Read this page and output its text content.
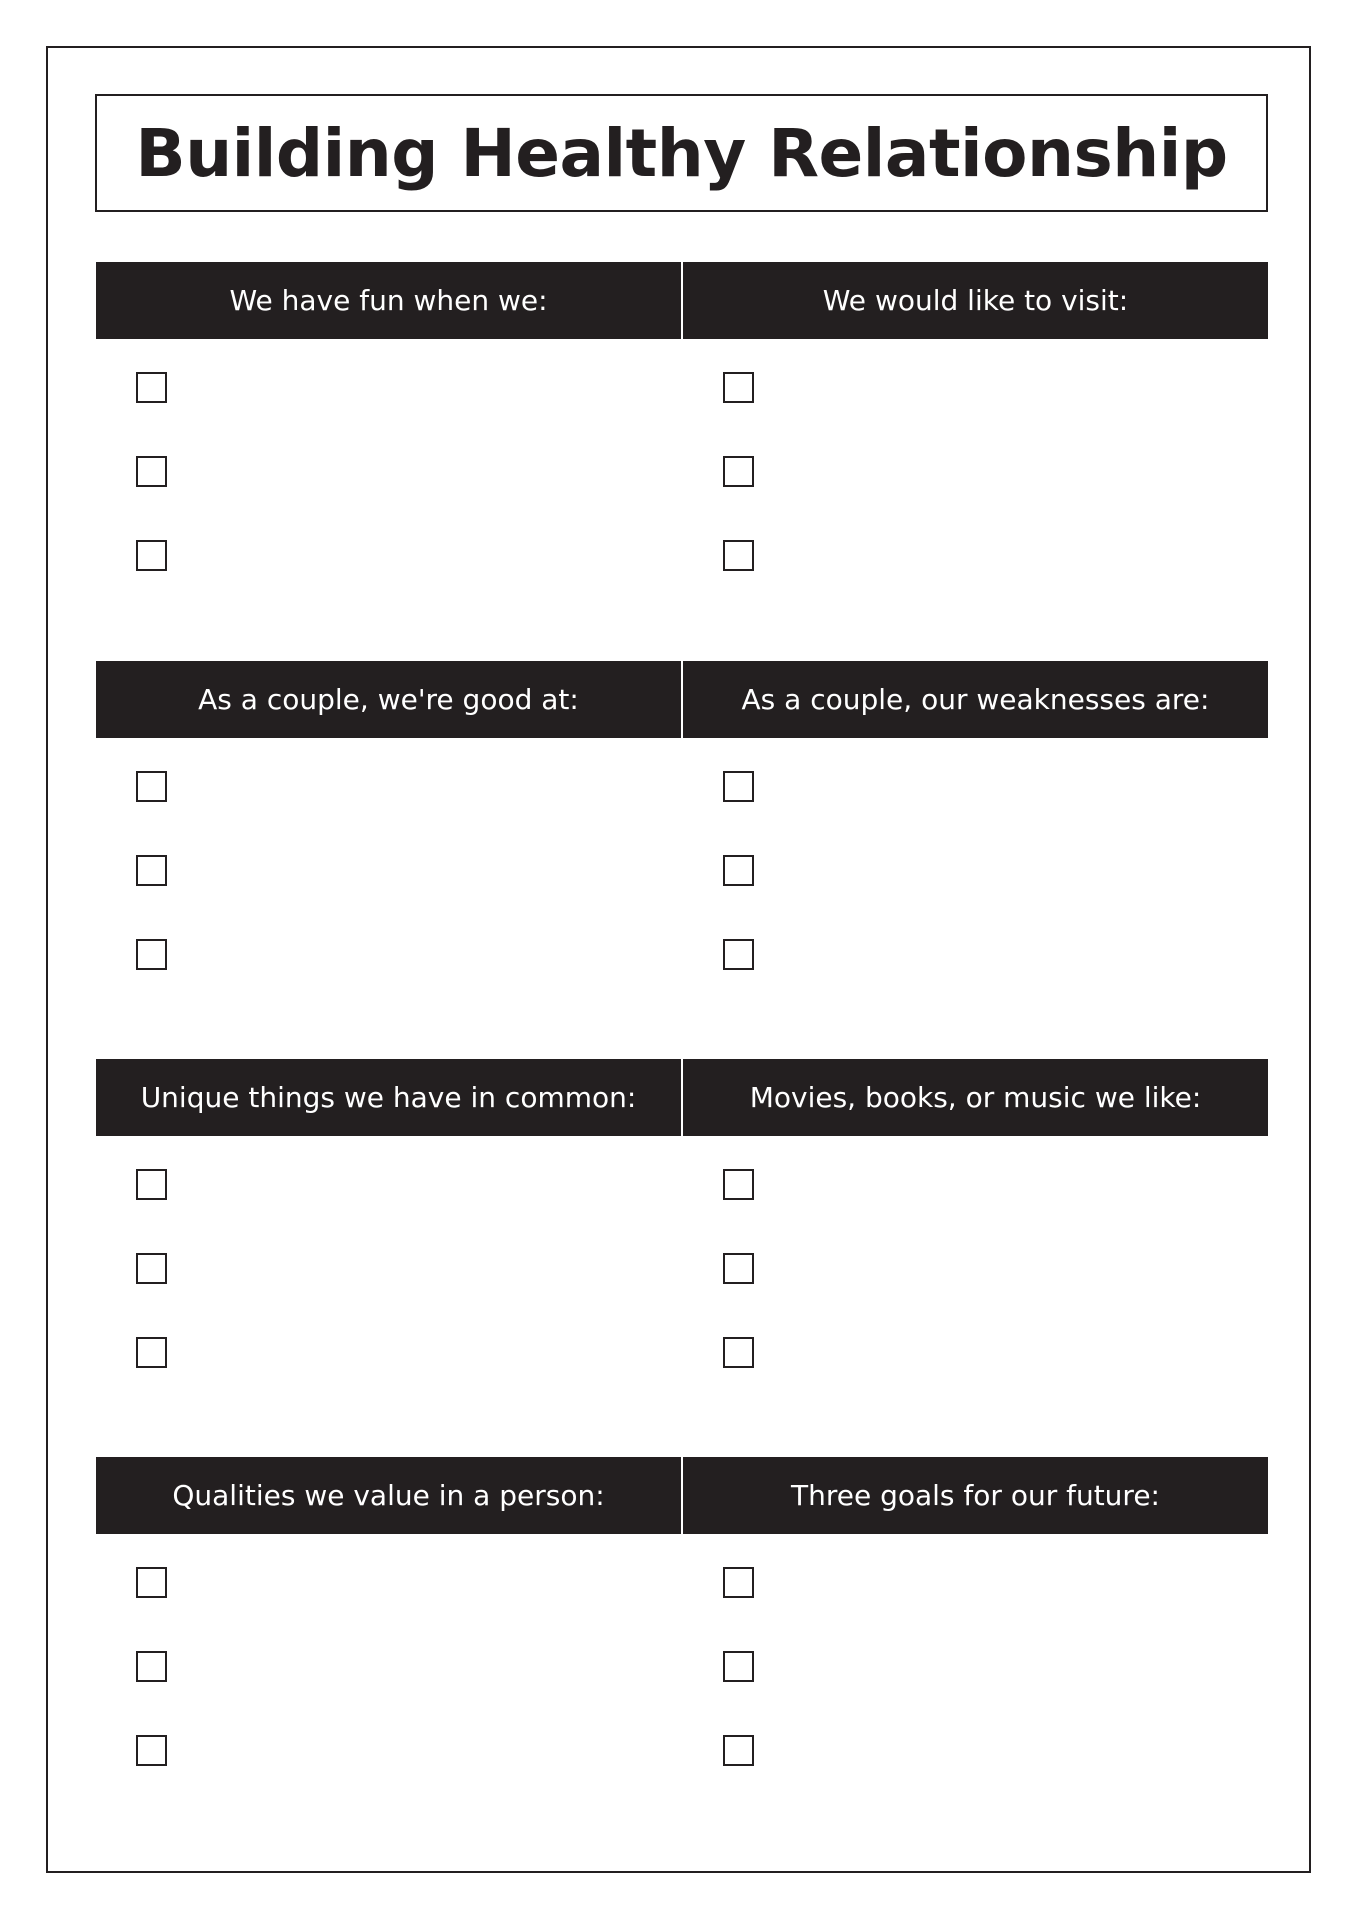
Building Healthy Relationship
We have fun when we:	We would like to visit:
As a couple, we're good at:	As a couple, our weaknesses are:
Unique things we have in common:	Movies, books, or music we like:
Qualities we value in a person:	Three goals for our future:
